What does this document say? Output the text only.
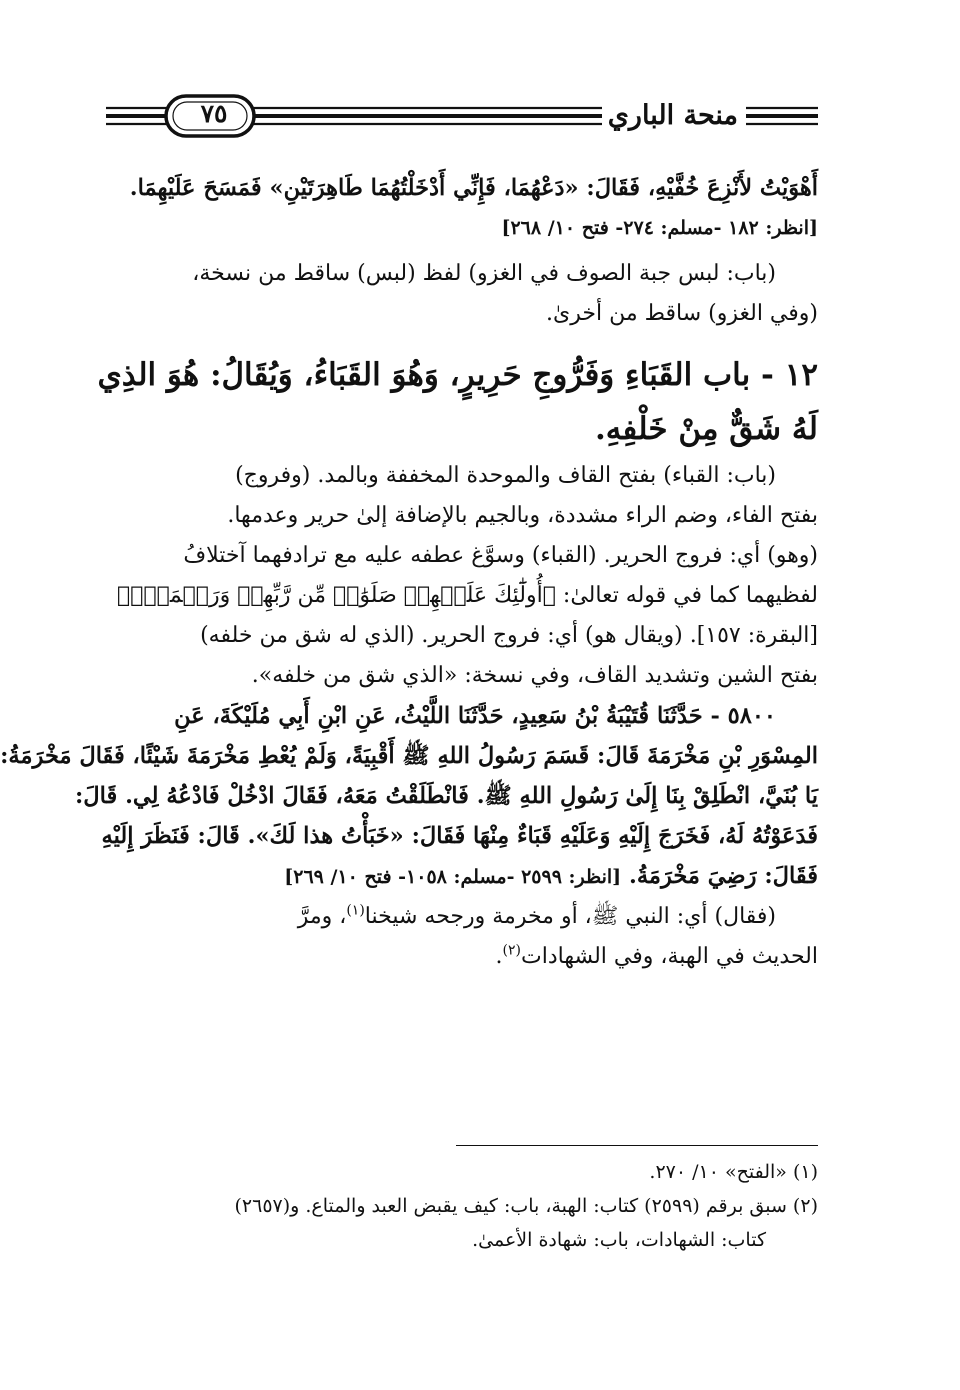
٧٥	منحة الباري
أَهْوَيْتُ لأَنْزِعَ خُفَّيْهِ، فَقَالَ: «دَعْهُمَا، فَإِنِّي أَدْخَلْتُهُمَا طَاهِرَتَيْنِ» فَمَسَحَ عَلَيْهِمَا.
[انظر: ١٨٢ -مسلم: ٢٧٤- فتح ١٠/ ٢٦٨]
(باب: لبس جبة الصوف في الغزو) لفظ (لبس) ساقط من نسخة،
(وفي الغزو) ساقط من أخرىٰ.
١٢ - باب القَبَاءِ وَفَرُّوجِ حَرِيرٍ، وَهُوَ القَبَاءُ، وَيُقَالُ: هُوَ الذِي
لَهُ شَقٌّ مِنْ خَلْفِهِ.
(باب: القباء) بفتح القاف والموحدة المخففة وبالمد. (وفروج)
بفتح الفاء، وضم الراء مشددة، وبالجيم بالإضافة إلىٰ حرير وعدمها.
(وهو) أي: فروج الحرير. (القباء) وسوَّغ عطفه عليه مع ترادفهما آختلافُ
لفظيهما كما في قوله تعالىٰ: ﴿أُولَٰٓئِكَ عَلَيۡهِمۡ صَلَوَٰتٞ مِّن رَّبِّهِمۡ وَرَحۡمَةٞۖ﴾
[البقرة: ١٥٧]. (ويقال هو) أي: فروج الحرير. (الذي له شق من خلفه)
بفتح الشين وتشديد القاف، وفي نسخة: «الذي شق من خلفه».
٥٨٠٠ - حَدَّثَنَا قُتَيْبَةُ بْنُ سَعِيدٍ، حَدَّثَنَا اللَّيْثُ، عَنِ ابْنِ أَبِي مُلَيْكَةَ، عَنِ
المِسْوَرِ بْنِ مَخْرَمَةَ قَالَ: قَسَمَ رَسُولُ اللهِ ﷺ أَقْبِيَةً، وَلَمْ يُعْطِ مَخْرَمَةَ شَيْئًا، فَقَالَ مَخْرَمَةُ:
يَا بُنَيَّ، انْطَلِقْ بِنَا إِلَىٰ رَسُولِ اللهِ ﷺ. فَانْطَلَقْتُ مَعَهُ، فَقَالَ ادْخُلْ فَادْعُهُ لِي. قَالَ:
فَدَعَوْتُهُ لَهُ، فَخَرَجَ إِلَيْهِ وَعَلَيْهِ قَبَاءٌ مِنْهَا فَقَالَ: «خَبَأْتُ هذا لَكَ». قَالَ: فَنَظَرَ إِلَيْهِ
فَقَالَ: رَضِيَ مَخْرَمَةُ. [انظر: ٢٥٩٩ -مسلم: ١٠٥٨- فتح ١٠/ ٢٦٩]
(فقال) أي: النبي ﷺ، أو مخرمة ورجحه شيخنا$^{(١)}$، ومرَّ
الحديث في الهبة، وفي الشهادات$^{(٢)}$.
(١) «الفتح» ١٠/ ٢٧٠.
(٢) سبق برقم (٢٥٩٩) كتاب: الهبة، باب: كيف يقبض العبد والمتاع. و(٢٦٥٧)
كتاب: الشهادات، باب: شهادة الأعمىٰ.
